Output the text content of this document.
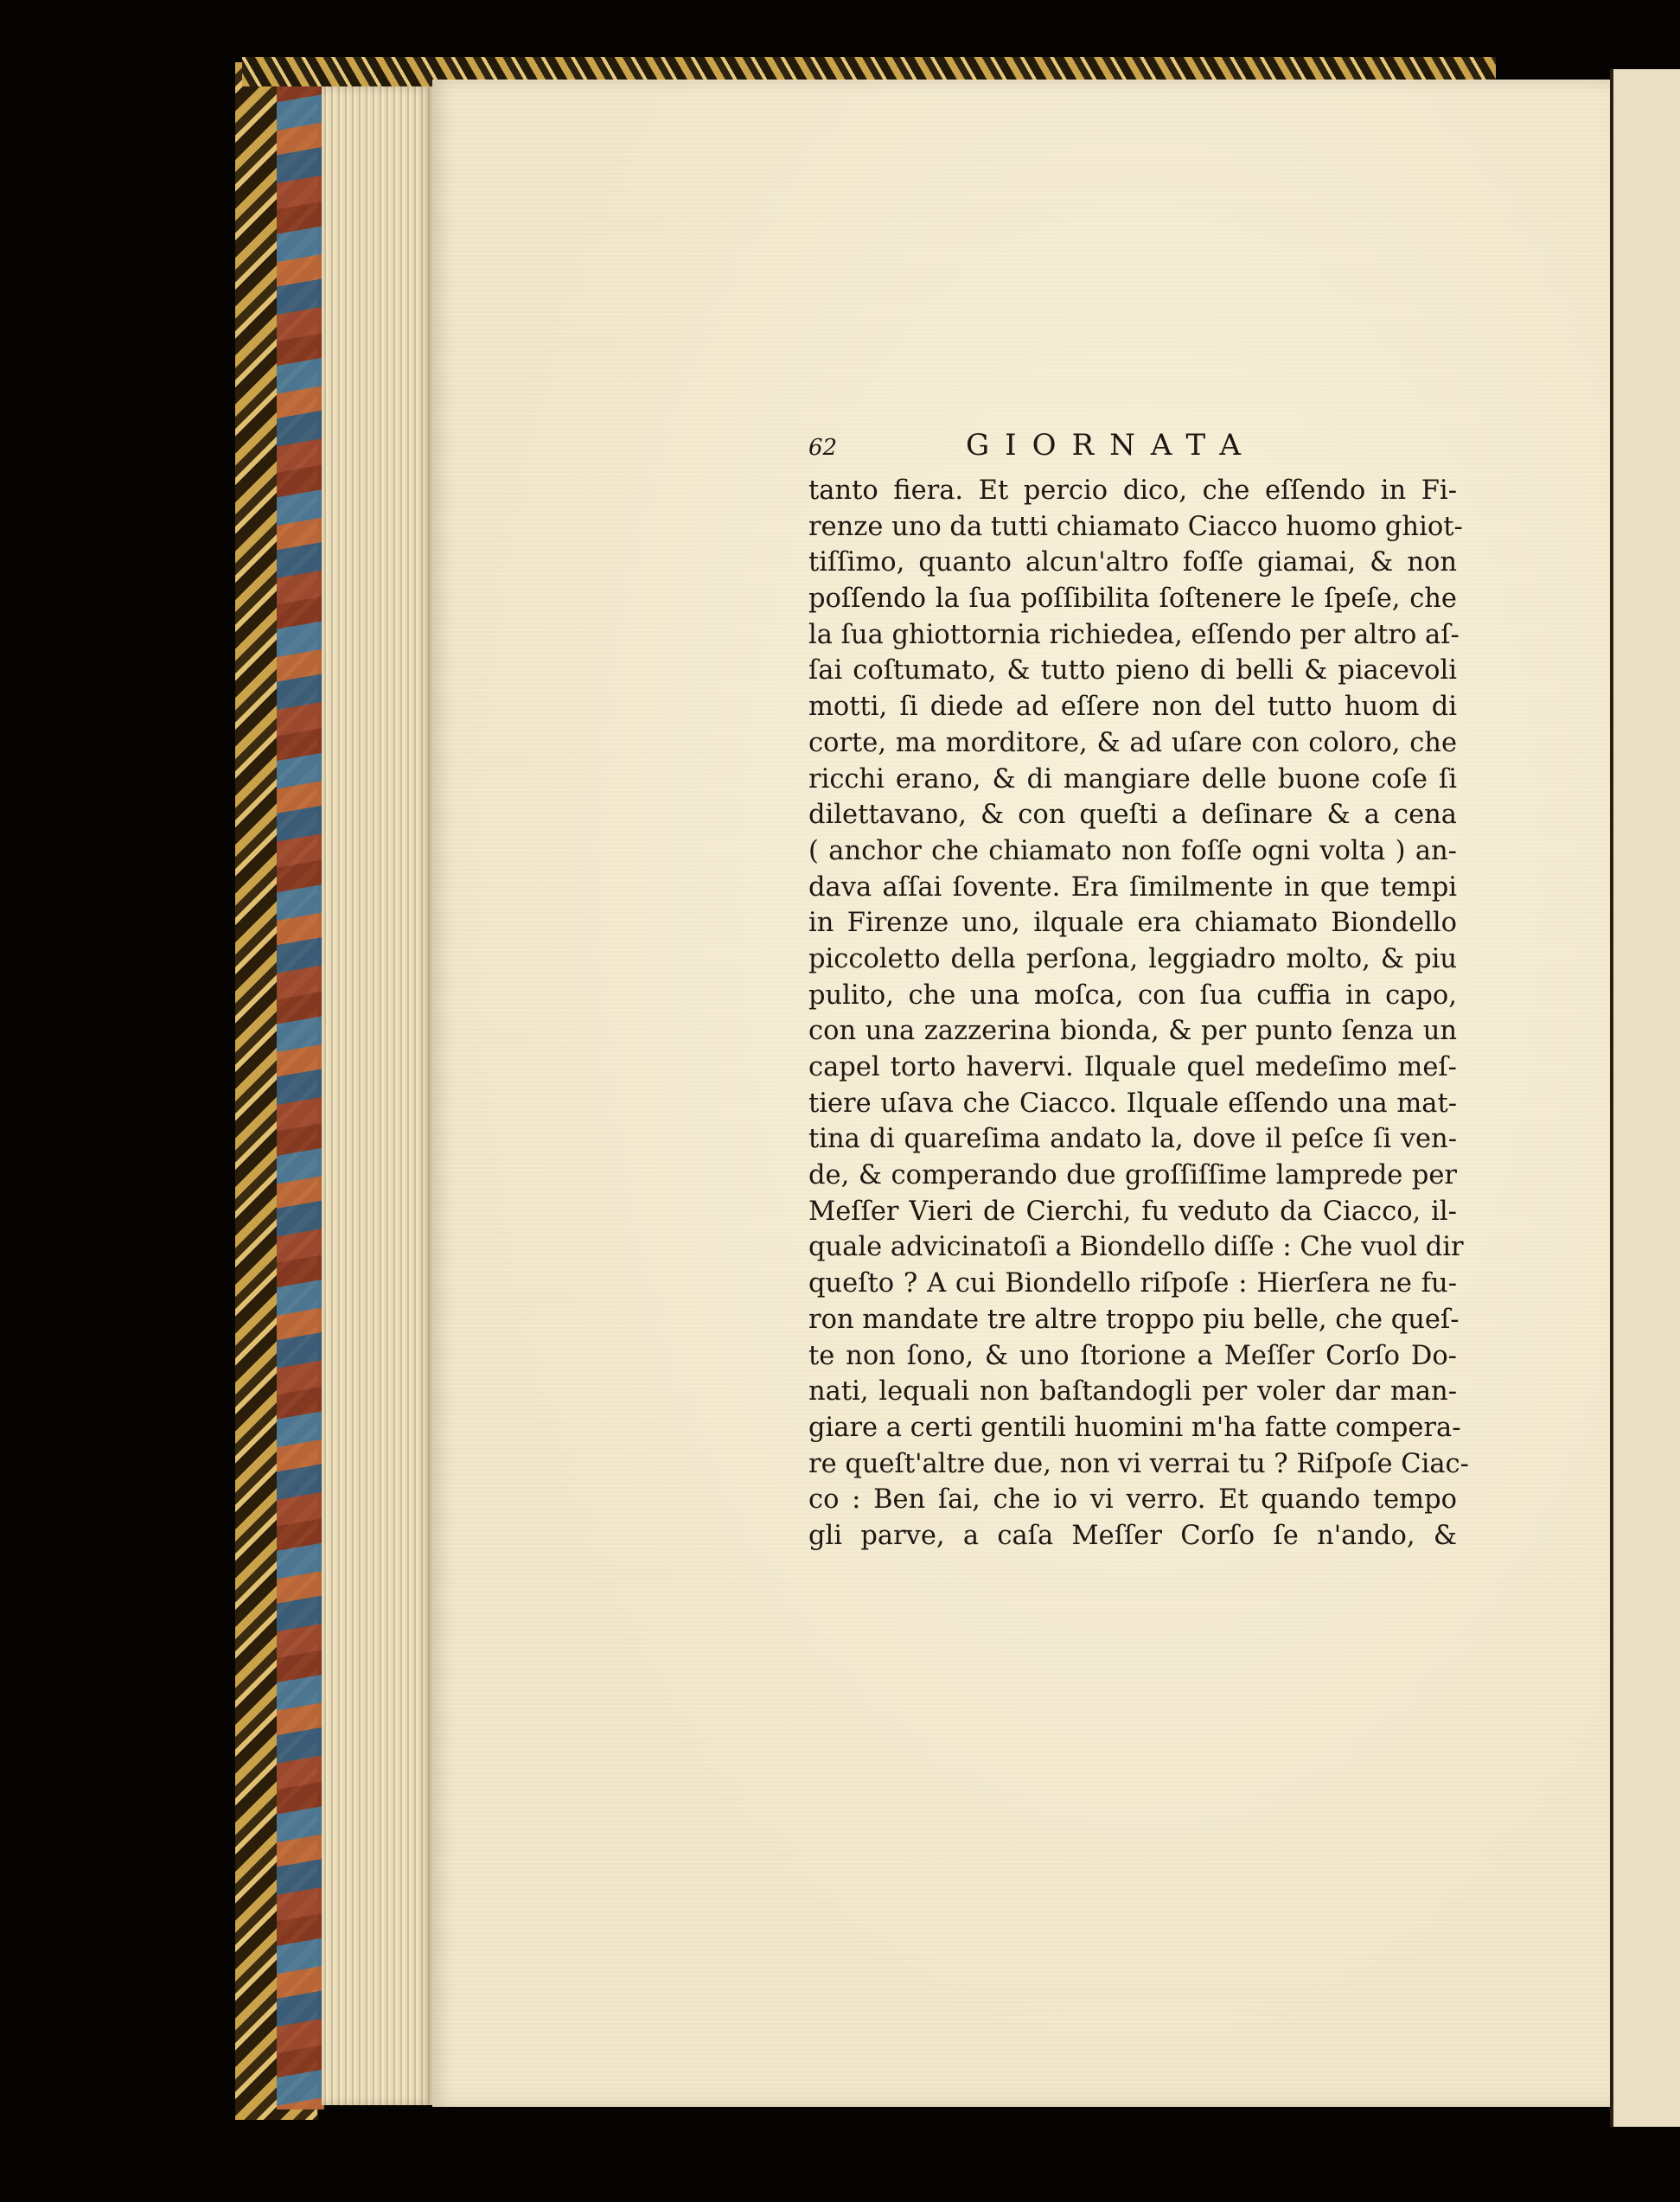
62	GIORNATA
tanto fiera. Et percio dico, che eſſendo in Fi-
renze uno da tutti chiamato Ciacco huomo ghiot-
tiſſimo, quanto alcun'altro foſſe giamai, & non
poſſendo la ſua poſſibilita ſoſtenere le ſpeſe, che
la ſua ghiottornia richiedea, eſſendo per altro aſ-
ſai coſtumato, & tutto pieno di belli & piacevoli
motti, ſi diede ad eſſere non del tutto huom di
corte, ma morditore, & ad uſare con coloro, che
ricchi erano, & di mangiare delle buone coſe ſi
dilettavano, & con queſti a deſinare & a cena
( anchor che chiamato non foſſe ogni volta ) an-
dava aſſai ſovente. Era ſimilmente in que tempi
in Firenze uno, ilquale era chiamato Biondello
piccoletto della perſona, leggiadro molto, & piu
pulito, che una moſca, con ſua cuffia in capo,
con una zazzerina bionda, & per punto ſenza un
capel torto havervi. Ilquale quel medeſimo meſ-
tiere uſava che Ciacco. Ilquale eſſendo una mat-
tina di quareſima andato la, dove il peſce ſi ven-
de, & comperando due groſſiſſime lamprede per
Meſſer Vieri de Cierchi, fu veduto da Ciacco, il-
quale advicinatoſi a Biondello diſſe : Che vuol dir
queſto ? A cui Biondello riſpoſe : Hierſera ne fu-
ron mandate tre altre troppo piu belle, che queſ-
te non ſono, & uno ſtorione a Meſſer Corſo Do-
nati, lequali non baſtandogli per voler dar man-
giare a certi gentili huomini m'ha fatte compera-
re queſt'altre due, non vi verrai tu ? Riſpoſe Ciac-
co : Ben ſai, che io vi verro. Et quando tempo
gli parve, a caſa Meſſer Corſo ſe n'ando, &
